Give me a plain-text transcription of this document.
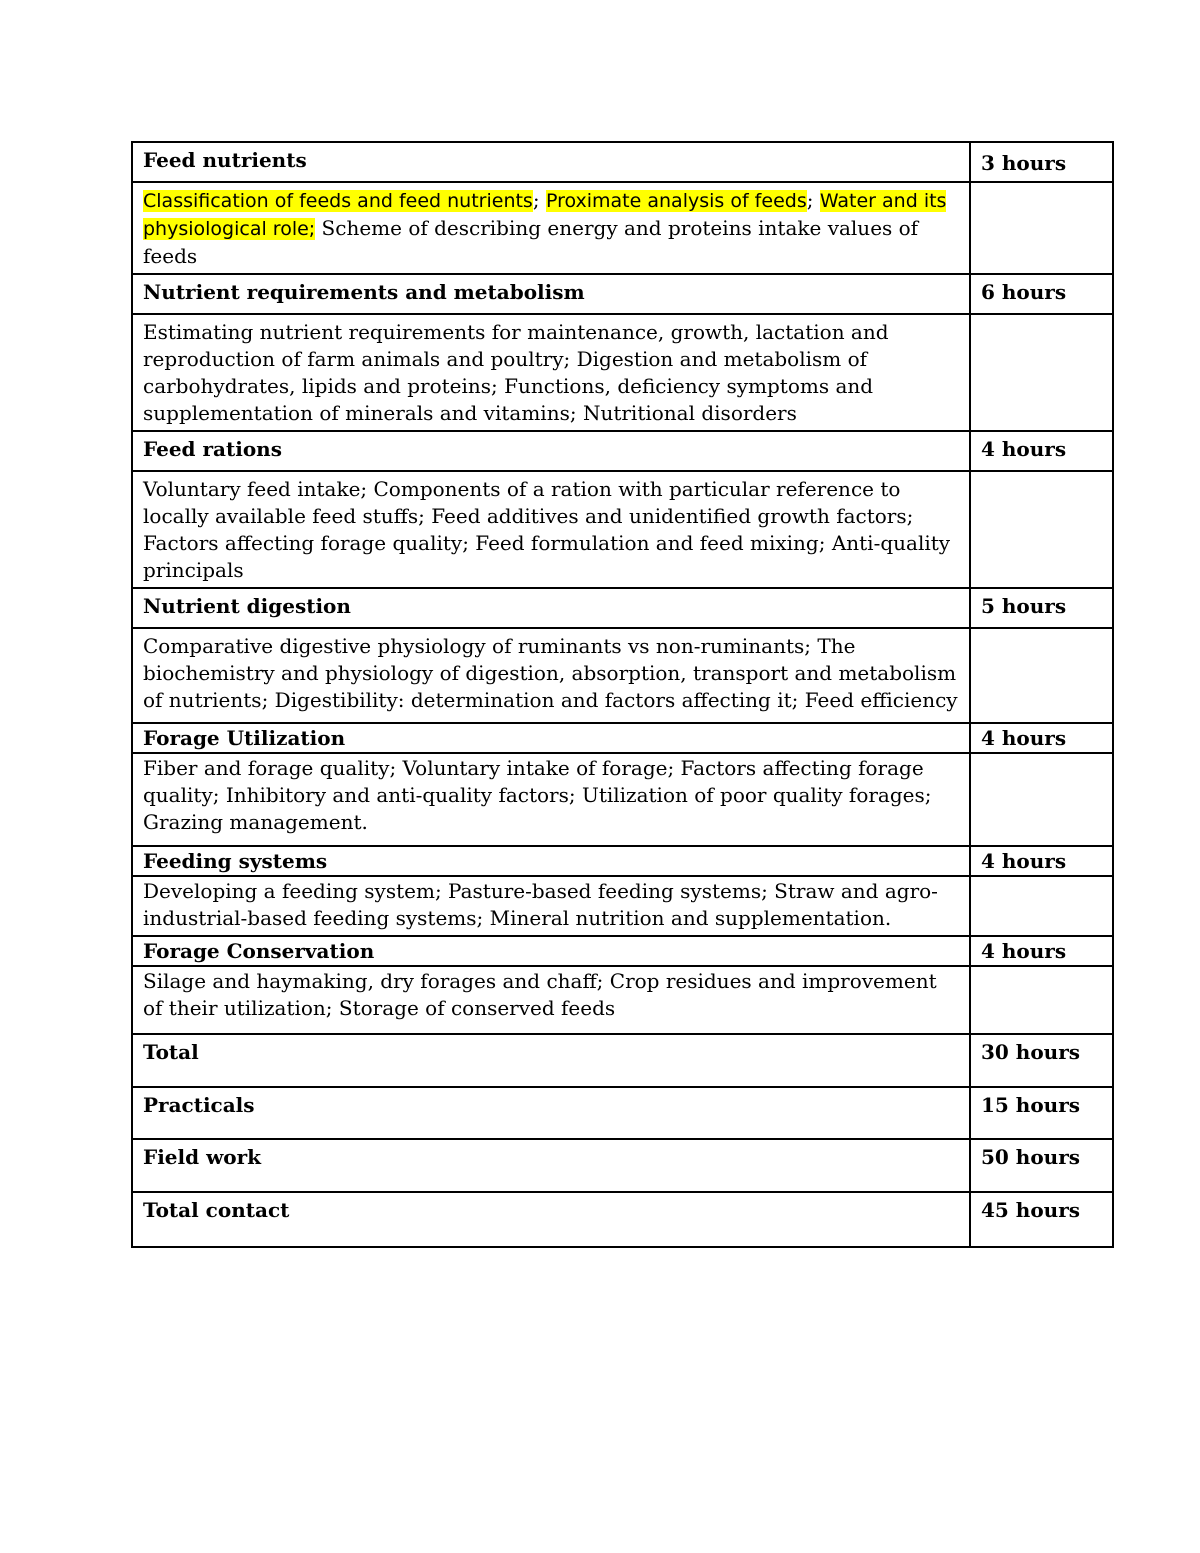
Feed nutrients	3 hours
Classification of feeds and feed nutrients; Proximate analysis of feeds; Water and its physiological role; Scheme of describing energy and proteins intake values of feeds	
Nutrient requirements and metabolism	6 hours
Estimating nutrient requirements for maintenance, growth, lactation and reproduction of farm animals and poultry; Digestion and metabolism of carbohydrates, lipids and proteins; Functions, deficiency symptoms and supplementation of minerals and vitamins; Nutritional disorders	
Feed rations	4 hours
Voluntary feed intake; Components of a ration with particular reference to locally available feed stuffs; Feed additives and unidentified growth factors; Factors affecting forage quality; Feed formulation and feed mixing; Anti-quality principals	
Nutrient digestion	5 hours
Comparative digestive physiology of ruminants vs non-ruminants; The biochemistry and physiology of digestion, absorption, transport and metabolism of nutrients; Digestibility: determination and factors affecting it; Feed efficiency	
Forage Utilization	4 hours
Fiber and forage quality; Voluntary intake of forage; Factors affecting forage quality; Inhibitory and anti-quality factors; Utilization of poor quality forages; Grazing management.	
Feeding systems	4 hours
Developing a feeding system; Pasture-based feeding systems; Straw and agro-industrial-based feeding systems; Mineral nutrition and supplementation.	
Forage Conservation	4 hours
Silage and haymaking, dry forages and chaff; Crop residues and improvement of their utilization; Storage of conserved feeds	
Total	30 hours
Practicals	15 hours
Field work	50 hours
Total contact	45 hours
